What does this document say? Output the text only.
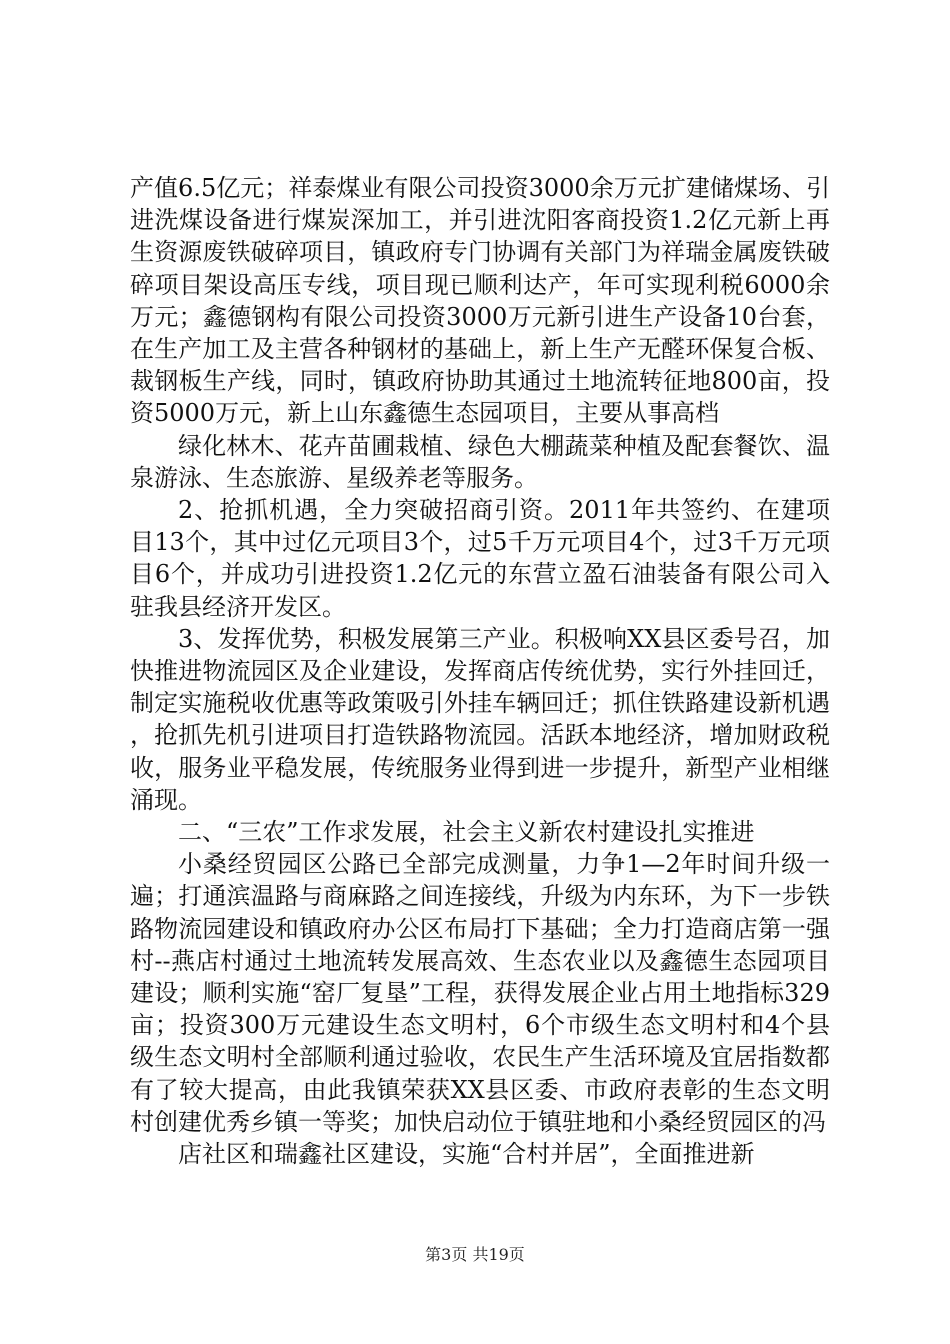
产值6.5亿元；祥泰煤业有限公司投资3000余万元扩建储煤场、引进洗煤设备进行煤炭深加工，并引进沈阳客商投资1.2亿元新上再生资源废铁破碎项目，镇政府专门协调有关部门为祥瑞金属废铁破碎项目架设高压专线，项目现已顺利达产，年可实现利税6000余万元；鑫德钢构有限公司投资3000万元新引进生产设备10台套，在生产加工及主营各种钢材的基础上，新上生产无醛环保复合板、裁钢板生产线，同时，镇政府协助其通过土地流转征地800亩，投资5000万元，新上山东鑫德生态园项目，主要从事高档

绿化林木、花卉苗圃栽植、绿色大棚蔬菜种植及配套餐饮、温泉游泳、生态旅游、星级养老等服务。

2、抢抓机遇，全力突破招商引资。2011年共签约、在建项目13个，其中过亿元项目3个，过5千万元项目4个，过3千万元项目6个，并成功引进投资1.2亿元的东营立盈石油装备有限公司入驻我县经济开发区。

3、发挥优势，积极发展第三产业。积极响XX县区委号召，加快推进物流园区及企业建设，发挥商店传统优势，实行外挂回迁，制定实施税收优惠等政策吸引外挂车辆回迁；抓住铁路建设新机遇，抢抓先机引进项目打造铁路物流园。活跃本地经济，增加财政税收，服务业平稳发展，传统服务业得到进一步提升，新型产业相继涌现。

二、“三农”工作求发展，社会主义新农村建设扎实推进

小桑经贸园区公路已全部完成测量，力争1—2年时间升级一遍；打通滨温路与商麻路之间连接线，升级为内东环，为下一步铁路物流园建设和镇政府办公区布局打下基础；全力打造商店第一强村--燕店村通过土地流转发展高效、生态农业以及鑫德生态园项目建设；顺利实施“窑厂复垦”工程，获得发展企业占用土地指标329亩；投资300万元建设生态文明村，6个市级生态文明村和4个县级生态文明村全部顺利通过验收，农民生产生活环境及宜居指数都有了较大提高，由此我镇荣获XX县区委、市政府表彰的生态文明村创建优秀乡镇一等奖；加快启动位于镇驻地和小桑经贸园区的冯

店社区和瑞鑫社区建设，实施“合村并居”，全面推进新

第3页 共19页
